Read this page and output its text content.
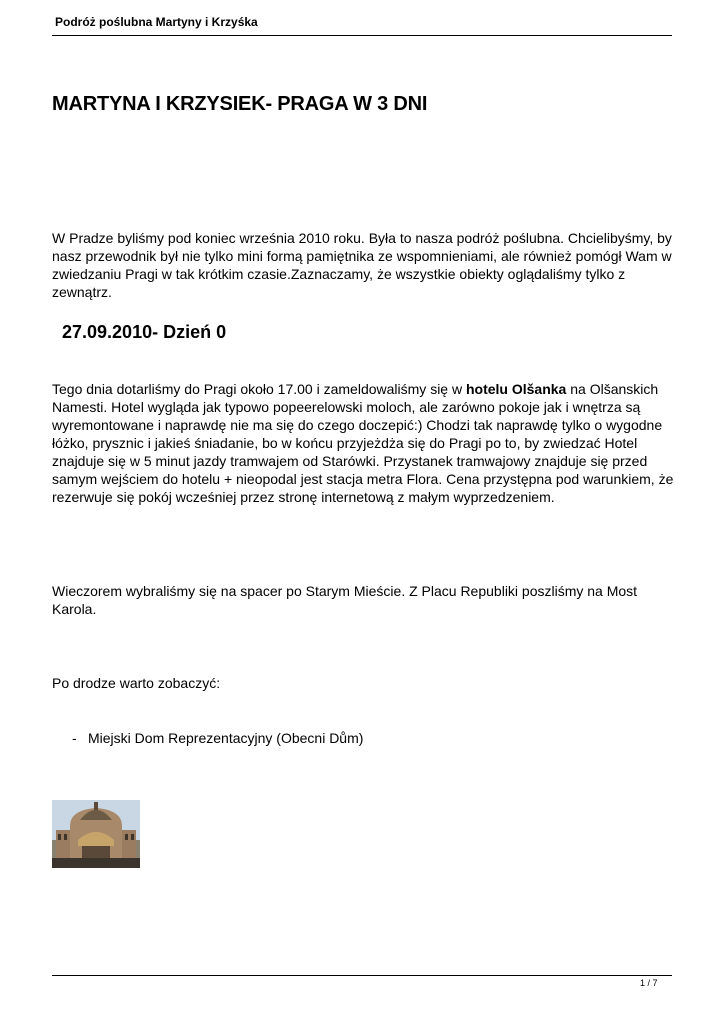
Podróż poślubna Martyny i Krzyśka
MARTYNA I KRZYSIEK- PRAGA W 3 DNI

W Pradze byliśmy pod koniec września 2010 roku. Była to nasza podróż poślubna. Chcielibyśmy, by nasz przewodnik był nie tylko mini formą pamiętnika ze wspomnieniami, ale również pomógł Wam w zwiedzaniu Pragi w tak krótkim czasie.Zaznaczamy, że wszystkie obiekty oglądaliśmy tylko z zewnątrz.

27.09.2010- Dzień 0

Tego dnia dotarliśmy do Pragi około 17.00 i zameldowaliśmy się w hotelu Olšanka na Olšanskich Namesti. Hotel wygląda jak typowo popeerelowski moloch, ale zarówno pokoje jak i wnętrza są wyremontowane i naprawdę nie ma się do czego doczepić:) Chodzi tak naprawdę tylko o wygodne łóżko, prysznic i jakieś śniadanie, bo w końcu przyjeżdża się do Pragi po to, by zwiedzać Hotel znajduje się w 5 minut jazdy tramwajem od Starówki. Przystanek tramwajowy znajduje się przed samym wejściem do hotelu + nieopodal jest stacja metra Flora. Cena przystępna pod warunkiem, że rezerwuje się pokój wcześniej przez stronę internetową z małym wyprzedzeniem.

Wieczorem wybraliśmy się na spacer po Starym Mieście. Z Placu Republiki poszliśmy na Most Karola.

Po drodze warto zobaczyć:

- Miejski Dom Reprezentacyjny (Obecni Dům)
1 / 7
